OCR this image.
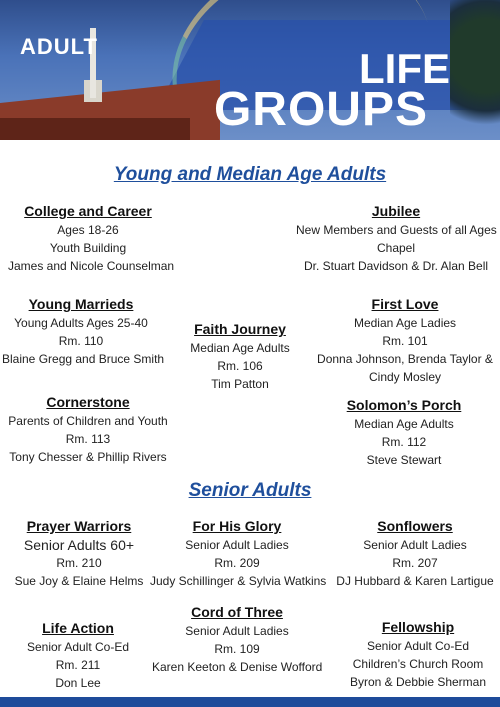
ADULT	LIFE
GROUPS
Young and Median Age Adults
College and Career
Ages 18-26
Youth Building
James and Nicole Counselman
Jubilee
New Members and Guests of all Ages
Chapel
Dr. Stuart Davidson & Dr. Alan Bell
Young Marrieds
Young Adults Ages 25-40
Rm. 110
Blaine Gregg and Bruce Smith
Faith Journey
Median Age Adults
Rm. 106
Tim Patton
First Love
Median Age Ladies
Rm. 101
Donna Johnson, Brenda Taylor &
Cindy Mosley
Cornerstone
Parents of Children and Youth
Rm. 113
Tony Chesser & Phillip Rivers
Solomon’s Porch
Median Age Adults
Rm. 112
Steve Stewart
Senior Adults
Prayer Warriors
Senior Adults 60+
Rm. 210
Sue Joy & Elaine Helms
For His Glory
Senior Adult Ladies
Rm. 209
Judy Schillinger & Sylvia Watkins
Sonflowers
Senior Adult Ladies
Rm. 207
DJ Hubbard & Karen Lartigue
Life Action
Senior Adult Co-Ed
Rm. 211
Don Lee
Cord of Three
Senior Adult Ladies
Rm. 109
Karen Keeton & Denise Wofford
Fellowship
Senior Adult Co-Ed
Children’s Church Room
Byron & Debbie Sherman
